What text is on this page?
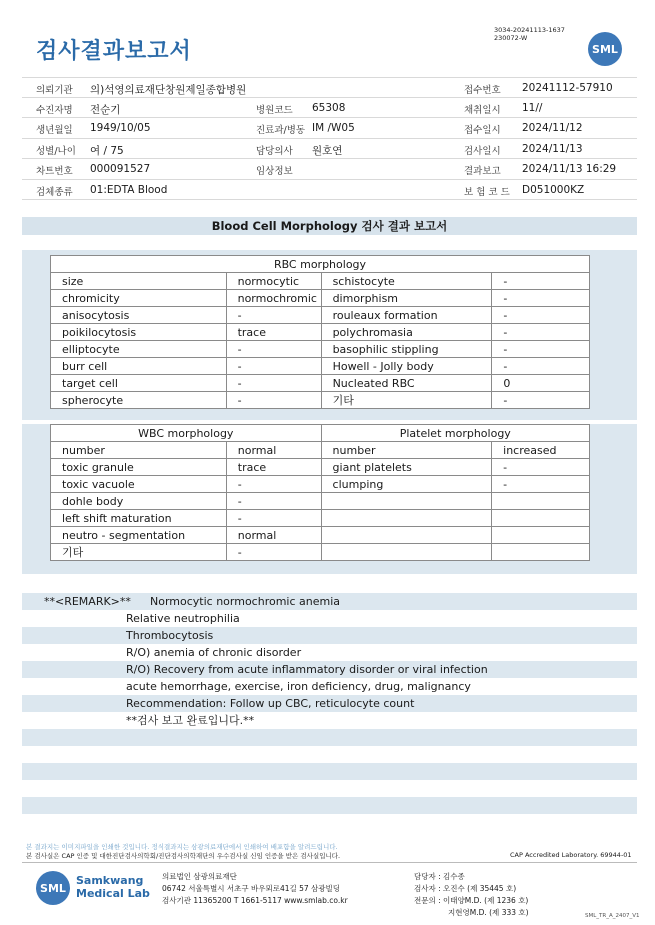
검사결과보고서
3034-20241113-1637
230072-W
SML
의뢰기관 의)석영의료재단창원제일종합병원	접수번호 20241112-57910
수진자명 전순기	병원코드 65308	채취일시 11//
생년월일 1949/10/05	진료과/병동 IM /W05	접수일시 2024/11/12
성별/나이 여 / 75	담당의사 원호연	검사일시 2024/11/13
차트번호 000091527	임상정보	결과보고 2024/11/13 16:29
검체종류 01:EDTA Blood	보 험 코 드 D051000KZ
Blood Cell Morphology 검사 결과 보고서
RBC morphology			
size	normocytic	schistocyte	-
chromicity	normochromic	dimorphism	-
anisocytosis	-	rouleaux formation	-
poikilocytosis	trace	polychromasia	-
elliptocyte	-	basophilic stippling	-
burr cell	-	Howell - Jolly body	-
target cell	-	Nucleated RBC	0
spherocyte	-	기타	-
WBC morphology		Platelet morphology	
number	normal	number	increased
toxic granule	trace	giant platelets	-
toxic vacuole	-	clumping	-
dohle body	-		
left shift maturation	-		
neutro - segmentation	normal		
기타	-		
**<REMARK>** Normocytic normochromic anemia
Relative neutrophilia
Thrombocytosis
R/O) anemia of chronic disorder
R/O) Recovery from acute inflammatory disorder or viral infection
acute hemorrhage, exercise, iron deficiency, drug, malignancy
Recommendation: Follow up CBC, reticulocyte count
**검사 보고 완료입니다.**
본 결과지는 이미지파일을 인쇄한 것입니다. 정식결과지는 삼광의료재단에서 인쇄하여 배포함을 알려드립니다.
본 검사실은 CAP 인증 및 대한진단검사의학회/진단검사의학재단의 우수검사실 신임 인증을 받은 검사실입니다.	CAP Accredited Laboratory. 69944-01
SML
Samkwang
Medical Lab
의료법인 삼광의료재단
06742 서울특별시 서초구 바우뫼로41길 57 삼광빌딩
검사기관 11365200 T 1661-5117 www.smlab.co.kr
담당자 : 김수종
검사자 : 오진수 (제 35445 호)
전문의 : 이태양M.D. (제 1236 호)
지현영M.D. (제 333 호)	SML_TR_A_2407_V1
